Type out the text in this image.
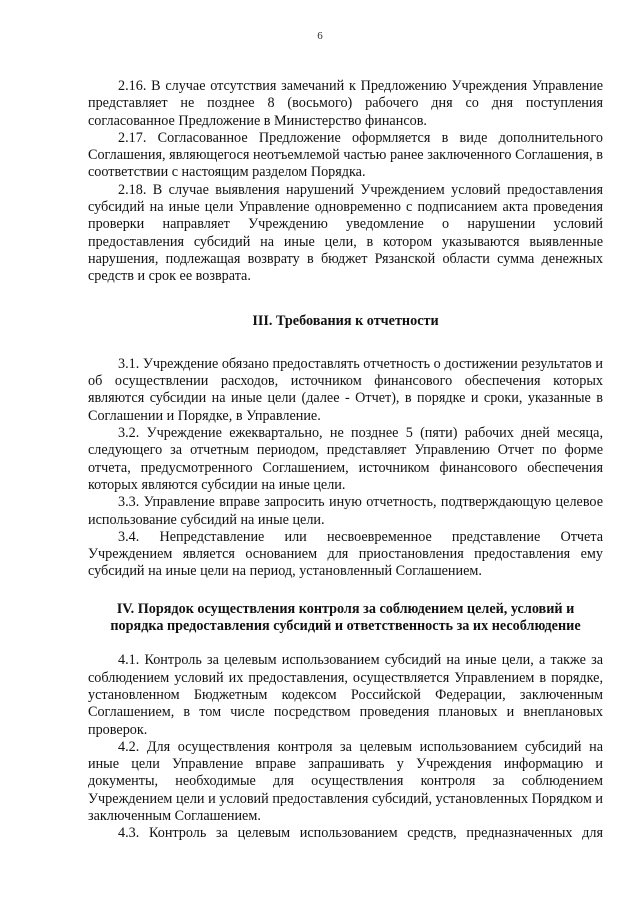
6

2.16. В случае отсутствия замечаний к Предложению Учреждения Управление представляет не позднее 8 (восьмого) рабочего дня со дня поступления согласованное Предложение в Министерство финансов.

2.17. Согласованное Предложение оформляется в виде дополнительного Соглашения, являющегося неотъемлемой частью ранее заключенного Соглашения, в соответствии с настоящим разделом Порядка.

2.18. В случае выявления нарушений Учреждением условий предоставления субсидий на иные цели Управление одновременно с подписанием акта проведения проверки направляет Учреждению уведомление о нарушении условий предоставления субсидий на иные цели, в котором указываются выявленные нарушения, подлежащая возврату в бюджет Рязанской области сумма денежных средств и срок ее возврата.

III. Требования к отчетности

3.1. Учреждение обязано предоставлять отчетность о достижении результатов и об осуществлении расходов, источником финансового обеспечения которых являются субсидии на иные цели (далее - Отчет), в порядке и сроки, указанные в Соглашении и Порядке, в Управление.

3.2. Учреждение ежеквартально, не позднее 5 (пяти) рабочих дней месяца, следующего за отчетным периодом, представляет Управлению Отчет по форме отчета, предусмотренного Соглашением, источником финансового обеспечения которых являются субсидии на иные цели.

3.3. Управление вправе запросить иную отчетность, подтверждающую целевое использование субсидий на иные цели.

3.4. Непредставление или несвоевременное представление Отчета Учреждением является основанием для приостановления предоставления ему субсидий на иные цели на период, установленный Соглашением.

IV. Порядок осуществления контроля за соблюдением целей, условий и
порядка предоставления субсидий и ответственность за их несоблюдение

4.1. Контроль за целевым использованием субсидий на иные цели, а также за соблюдением условий их предоставления, осуществляется Управлением в порядке, установленном Бюджетным кодексом Российской Федерации, заключенным Соглашением, в том числе посредством проведения плановых и внеплановых проверок.

4.2. Для осуществления контроля за целевым использованием субсидий на иные цели Управление вправе запрашивать у Учреждения информацию и документы, необходимые для осуществления контроля за соблюдением Учреждением цели и условий предоставления субсидий, установленных Порядком и заключенным Соглашением.

4.3. Контроль за целевым использованием средств, предназначенных для
